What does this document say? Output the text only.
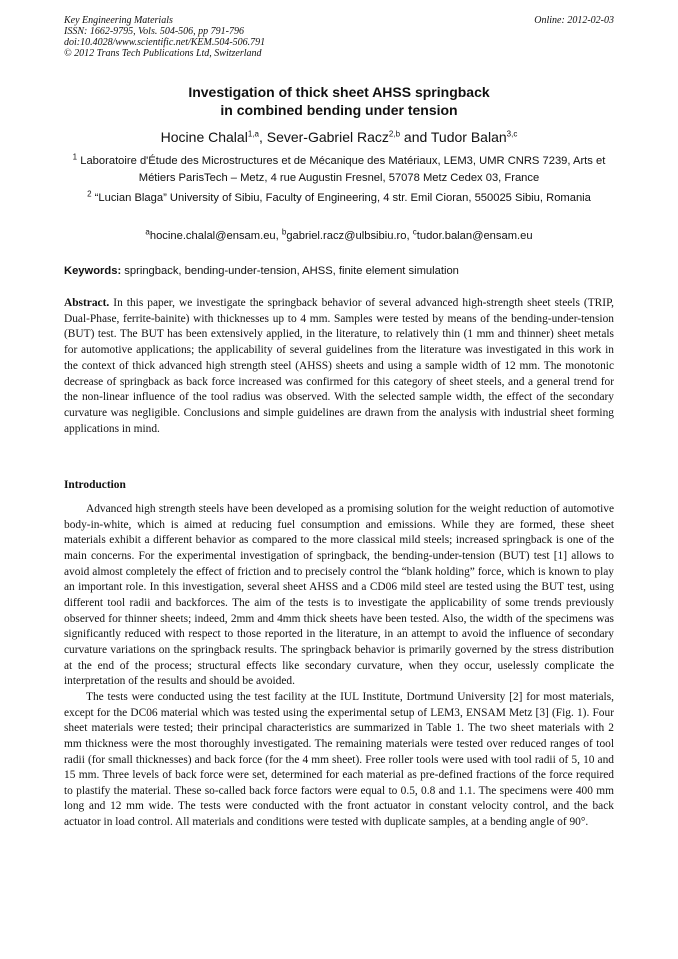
Key Engineering Materials
ISSN: 1662-9795, Vols. 504-506, pp 791-796
doi:10.4028/www.scientific.net/KEM.504-506.791
© 2012 Trans Tech Publications Ltd, Switzerland
Online: 2012-02-03
Investigation of thick sheet AHSS springback
in combined bending under tension
Hocine Chalal$^{1,a}$, Sever-Gabriel Racz$^{2,b}$ and Tudor Balan$^{3,c}$
$^1$ Laboratoire d'Étude des Microstructures et de Mécanique des Matériaux, LEM3, UMR CNRS 7239, Arts et Métiers ParisTech – Metz, 4 rue Augustin Fresnel, 57078 Metz Cedex 03, France
$^2$ “Lucian Blaga” University of Sibiu, Faculty of Engineering, 4 str. Emil Cioran, 550025 Sibiu, Romania
$^a$hocine.chalal@ensam.eu, $^b$gabriel.racz@ulbsibiu.ro, $^c$tudor.balan@ensam.eu
Keywords: springback, bending-under-tension, AHSS, finite element simulation
Abstract. In this paper, we investigate the springback behavior of several advanced high-strength sheet steels (TRIP, Dual-Phase, ferrite-bainite) with thicknesses up to 4 mm. Samples were tested by means of the bending-under-tension (BUT) test. The BUT has been extensively applied, in the literature, to relatively thin (1 mm and thinner) sheet metals for automotive applications; the applicability of several guidelines from the literature was investigated in this work in the context of thick advanced high strength steel (AHSS) sheets and using a sample width of 12 mm. The monotonic decrease of springback as back force increased was confirmed for this category of sheet steels, and a general trend for the non-linear influence of the tool radius was observed. With the selected sample width, the effect of the secondary curvature was negligible. Conclusions and simple guidelines are drawn from the analysis with industrial sheet forming applications in mind.
Introduction

Advanced high strength steels have been developed as a promising solution for the weight reduction of automotive body-in-white, which is aimed at reducing fuel consumption and emissions. While they are formed, these sheet materials exhibit a different behavior as compared to the more classical mild steels; increased springback is one of the main concerns. For the experimental investigation of springback, the bending-under-tension (BUT) test [1] allows to avoid almost completely the effect of friction and to precisely control the “blank holding” force, which is known to play an important role. In this investigation, several sheet AHSS and a CD06 mild steel are tested using the BUT test, using different tool radii and backforces. The aim of the tests is to investigate the applicability of some trends previously observed for thinner sheets; indeed, 2mm and 4mm thick sheets have been tested. Also, the width of the specimens was significantly reduced with respect to those reported in the literature, in an attempt to avoid the influence of secondary curvature variations on the springback results. The springback behavior is primarily governed by the stress distribution at the end of the process; structural effects like secondary curvature, when they occur, uselessly complicate the interpretation of the results and should be avoided.

The tests were conducted using the test facility at the IUL Institute, Dortmund University [2] for most materials, except for the DC06 material which was tested using the experimental setup of LEM3, ENSAM Metz [3] (Fig. 1). Four sheet materials were tested; their principal characteristics are summarized in Table 1. The two sheet materials with 2 mm thickness were the most thoroughly investigated. The remaining materials were tested over reduced ranges of tool radii (for small thicknesses) and back force (for the 4 mm sheet). Free roller tools were used with tool radii of 5, 10 and 15 mm. Three levels of back force were set, determined for each material as pre-defined fractions of the force required to plastify the material. These so-called back force factors were equal to 0.5, 0.8 and 1.1. The specimens were 400 mm long and 12 mm wide. The tests were conducted with the front actuator in constant velocity control, and the back actuator in load control. All materials and conditions were tested with duplicate samples, at a bending angle of 90°.
